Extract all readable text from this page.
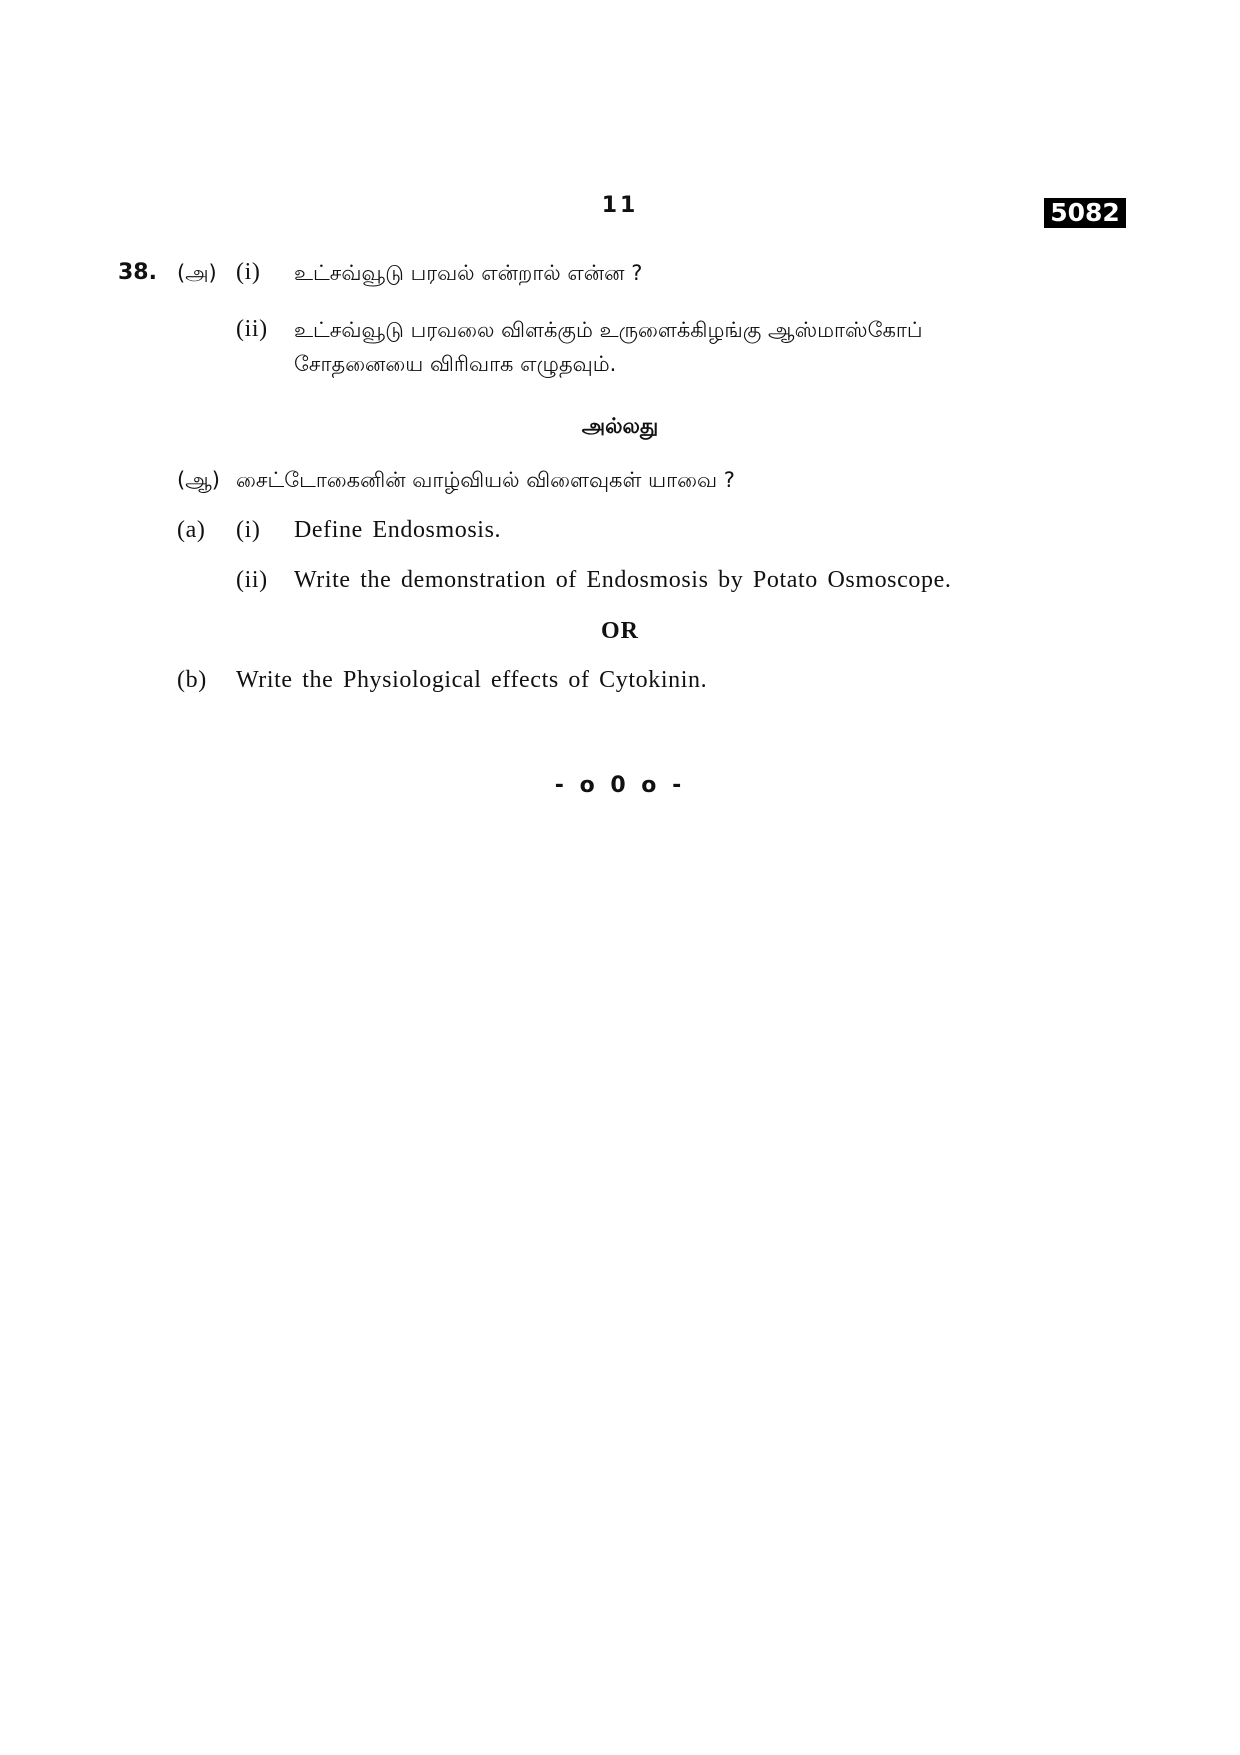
11	5082
38. (அ) (i) உட்சவ்வூடு பரவல் என்றால் என்ன ?
(ii) உட்சவ்வூடு பரவலை விளக்கும் உருளைக்கிழங்கு ஆஸ்மாஸ்கோப்
சோதனையை விரிவாக எழுதவும்.
அல்லது
(ஆ) சைட்டோகைனின் வாழ்வியல் விளைவுகள் யாவை ?
(a) (i) Define Endosmosis.
(ii) Write the demonstration of Endosmosis by Potato Osmoscope.
OR
(b) Write the Physiological effects of Cytokinin.
- o 0 o -
